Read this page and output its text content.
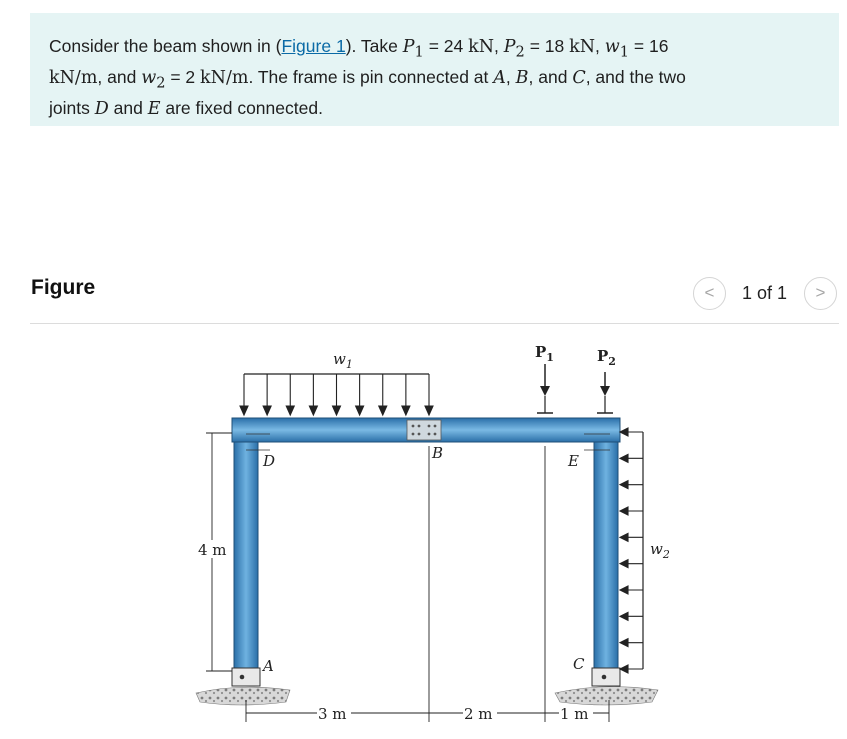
Consider the beam shown in (Figure 1). Take $P_1 = 24$ kN, $P_2 = 18$ kN, $w_1 = 16$
kN/m, and $w_2 = 2$ kN/m. The frame is pin connected at A, B, and C, and the two
joints D and E are fixed connected.
Figure	< 1 of 1 >
$w_1$
$P_1$	$P_2$
$w_2$
D	B	E
A	C
4 m
3 m	2 m	1 m
